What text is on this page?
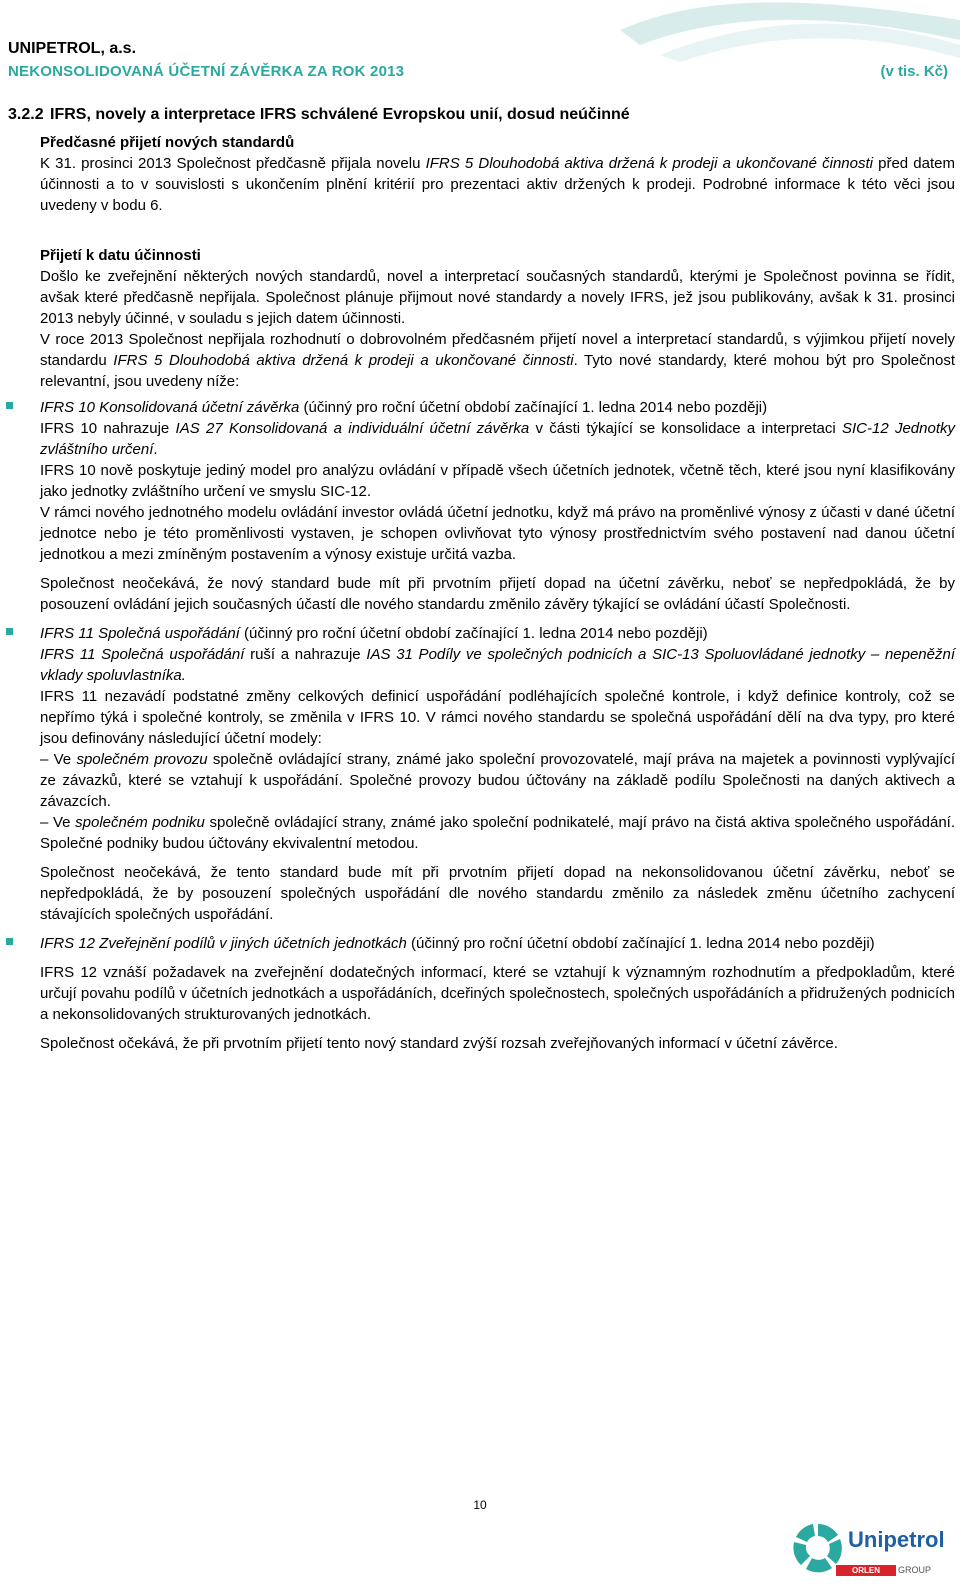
UNIPETROL, a.s.
NEKONSOLIDOVANÁ ÚČETNÍ ZÁVĚRKA ZA ROK 2013	(v tis. Kč)
3.2.2 IFRS, novely a interpretace IFRS schválené Evropskou unií, dosud neúčinné
Předčasné přijetí nových standardů

K 31. prosinci 2013 Společnost předčasně přijala novelu IFRS 5 Dlouhodobá aktiva držená k prodeji a ukončované činnosti před datem účinnosti a to v souvislosti s ukončením plnění kritérií pro prezentaci aktiv držených k prodeji. Podrobné informace k této věci jsou uvedeny v bodu 6.

Přijetí k datu účinnosti

Došlo ke zveřejnění některých nových standardů, novel a interpretací současných standardů, kterými je Společnost povinna se řídit, avšak které předčasně nepřijala. Společnost plánuje přijmout nové standardy a novely IFRS, jež jsou publikovány, avšak k 31. prosinci 2013 nebyly účinné, v souladu s jejich datem účinnosti.

V roce 2013 Společnost nepřijala rozhodnutí o dobrovolném předčasném přijetí novel a interpretací standardů, s výjimkou přijetí novely standardu IFRS 5 Dlouhodobá aktiva držená k prodeji a ukončované činnosti. Tyto nové standardy, které mohou být pro Společnost relevantní, jsou uvedeny níže:

IFRS 10 Konsolidovaná účetní závěrka (účinný pro roční účetní období začínající 1. ledna 2014 nebo později)

IFRS 10 nahrazuje IAS 27 Konsolidovaná a individuální účetní závěrka v části týkající se konsolidace a interpretaci SIC-12 Jednotky zvláštního určení.

IFRS 10 nově poskytuje jediný model pro analýzu ovládání v případě všech účetních jednotek, včetně těch, které jsou nyní klasifikovány jako jednotky zvláštního určení ve smyslu SIC-12.

V rámci nového jednotného modelu ovládání investor ovládá účetní jednotku, když má právo na proměnlivé výnosy z účasti v dané účetní jednotce nebo je této proměnlivosti vystaven, je schopen ovlivňovat tyto výnosy prostřednictvím svého postavení nad danou účetní jednotkou a mezi zmíněným postavením a výnosy existuje určitá vazba.

Společnost neočekává, že nový standard bude mít při prvotním přijetí dopad na účetní závěrku, neboť se nepředpokládá, že by posouzení ovládání jejich současných účastí dle nového standardu změnilo závěry týkající se ovládání účastí Společnosti.

IFRS 11 Společná uspořádání (účinný pro roční účetní období začínající 1. ledna 2014 nebo později)

IFRS 11 Společná uspořádání ruší a nahrazuje IAS 31 Podíly ve společných podnicích a SIC-13 Spoluovládané jednotky – nepeněžní vklady spoluvlastníka.

IFRS 11 nezavádí podstatné změny celkových definicí uspořádání podléhajících společné kontrole, i když definice kontroly, což se nepřímo týká i společné kontroly, se změnila v IFRS 10. V rámci nového standardu se společná uspořádání dělí na dva typy, pro které jsou definovány následující účetní modely:

– Ve společném provozu společně ovládající strany, známé jako společní provozovatelé, mají práva na majetek a povinnosti vyplývající ze závazků, které se vztahují k uspořádání. Společné provozy budou účtovány na základě podílu Společnosti na daných aktivech a závazcích.

– Ve společném podniku společně ovládající strany, známé jako společní podnikatelé, mají právo na čistá aktiva společného uspořádání. Společné podniky budou účtovány ekvivalentní metodou.

Společnost neočekává, že tento standard bude mít při prvotním přijetí dopad na nekonsolidovanou účetní závěrku, neboť se nepředpokládá, že by posouzení společných uspořádání dle nového standardu změnilo za následek změnu účetního zachycení stávajících společných uspořádání.

IFRS 12 Zveřejnění podílů v jiných účetních jednotkách (účinný pro roční účetní období začínající 1. ledna 2014 nebo později)

IFRS 12 vznáší požadavek na zveřejnění dodatečných informací, které se vztahují k významným rozhodnutím a předpokladům, které určují povahu podílů v účetních jednotkách a uspořádáních, dceřiných společnostech, společných uspořádáních a přidružených podnicích a nekonsolidovaných strukturovaných jednotkách.

Společnost očekává, že při prvotním přijetí tento nový standard zvýší rozsah zveřejňovaných informací v účetní závěrce.

10
Unipetrol
ORLEN	GROUP
